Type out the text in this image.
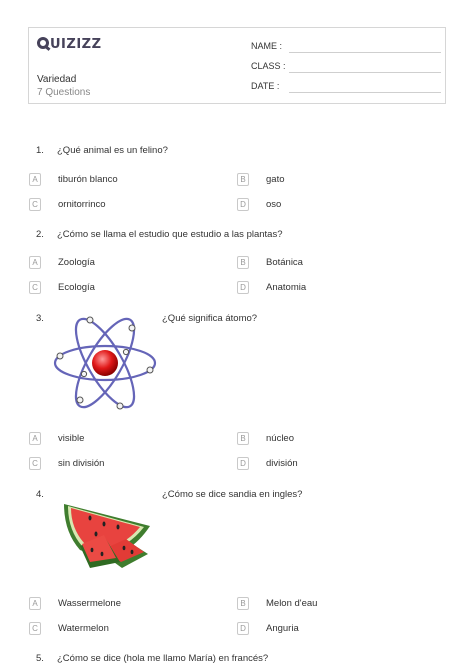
UIZIZZ
Variedad
7 Questions
NAME :
CLASS :
DATE :
1. ¿Qué animal es un felino?
A	tiburón blanco	B	gato
C	ornitorrinco	D	oso
2. ¿Cómo se llama el estudio que estudio a las plantas?
A	Zoología	B	Botánica
C	Ecología	D	Anatomia
3.	¿Qué significa átomo?
A	visible	B	núcleo
C	sin división	D	división
4.	¿Cómo se dice sandia en ingles?
A	Wassermelone	B	Melon d'eau
C	Watermelon	D	Anguria
5. ¿Cómo se dice (hola me llamo María) en francés?
